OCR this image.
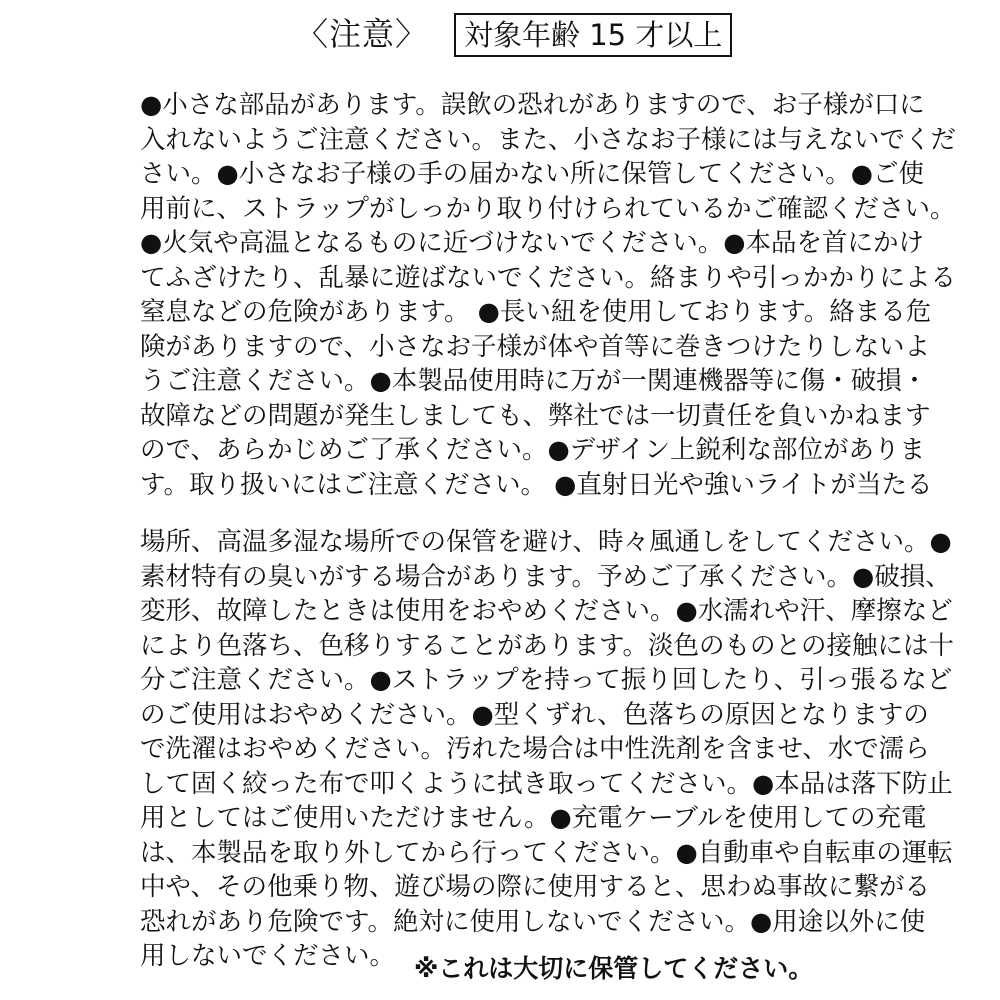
〈注意〉	対象年齢 15 才以上
●小さな部品があります。誤飲の恐れがありますので、お子様が口に
入れないようご注意ください。また、小さなお子様には与えないでくだ
さい。●小さなお子様の手の届かない所に保管してください。●ご使
用前に、ストラップがしっかり取り付けられているかご確認ください。
●火気や高温となるものに近づけないでください。●本品を首にかけ
てふざけたり、乱暴に遊ばないでください。絡まりや引っかかりによる
窒息などの危険があります。 ●長い紐を使用しております。絡まる危
険がありますので、小さなお子様が体や首等に巻きつけたりしないよ
うご注意ください。●本製品使用時に万が一関連機器等に傷・破損・
故障などの問題が発生しましても、弊社では一切責任を負いかねます
ので、あらかじめご了承ください。●デザイン上鋭利な部位がありま
す。取り扱いにはご注意ください。 ●直射日光や強いライトが当たる
場所、高温多湿な場所での保管を避け、時々風通しをしてください。●
素材特有の臭いがする場合があります。予めご了承ください。●破損、
変形、故障したときは使用をおやめください。●水濡れや汗、摩擦など
により色落ち、色移りすることがあります。淡色のものとの接触には十
分ご注意ください。●ストラップを持って振り回したり、引っ張るなど
のご使用はおやめください。●型くずれ、色落ちの原因となりますの
で洗濯はおやめください。汚れた場合は中性洗剤を含ませ、水で濡ら
して固く絞った布で叩くように拭き取ってください。●本品は落下防止
用としてはご使用いただけません。●充電ケーブルを使用しての充電
は、本製品を取り外してから行ってください。●自動車や自転車の運転
中や、その他乗り物、遊び場の際に使用すると、思わぬ事故に繋がる
恐れがあり危険です。絶対に使用しないでください。●用途以外に使
用しないでください。 ※これは大切に保管してください。
